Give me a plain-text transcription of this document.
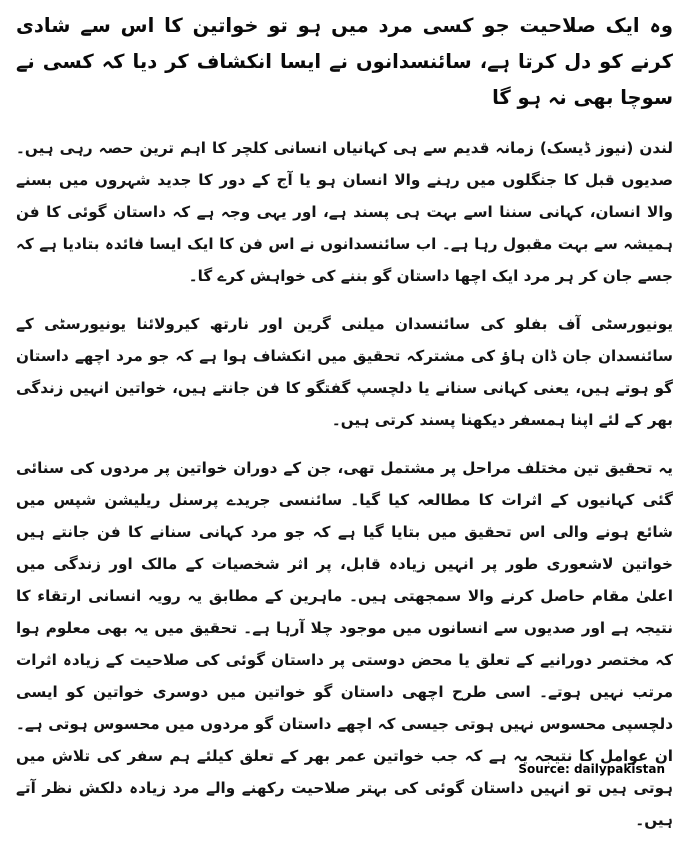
وہ ایک صلاحیت جو کسی مرد میں ہو تو خواتین کا اس سے شادی کرنے کو دل کرتا ہے، سائنسدانوں نے ایسا انکشاف کر دیا کہ کسی نے سوچا بھی نہ ہو گا

لندن (نیوز ڈیسک) زمانہ قدیم سے ہی کہانیاں انسانی کلچر کا اہم ترین حصہ رہی ہیں۔ صدیوں قبل کا جنگلوں میں رہنے والا انسان ہو یا آج کے دور کا جدید شہروں میں بسنے والا انسان، کہانی سننا اسے بہت ہی پسند ہے، اور یہی وجہ ہے کہ داستان گوئی کا فن ہمیشہ سے بہت مقبول رہا ہے۔ اب سائنسدانوں نے اس فن کا ایک ایسا فائدہ بتادیا ہے کہ جسے جان کر ہر مرد ایک اچھا داستان گو بننے کی خواہش کرے گا۔

یونیورسٹی آف بفلو کی سائنسدان میلنی گرین اور نارتھ کیرولائنا یونیورسٹی کے سائنسدان جان ڈان ہاؤ کی مشترکہ تحقیق میں انکشاف ہوا ہے کہ جو مرد اچھے داستان گو ہوتے ہیں، یعنی کہانی سنانے یا دلچسپ گفتگو کا فن جانتے ہیں، خواتین انہیں زندگی بھر کے لئے اپنا ہمسفر دیکھنا پسند کرتی ہیں۔

یہ تحقیق تین مختلف مراحل پر مشتمل تھی، جن کے دوران خواتین پر مردوں کی سنائی گئی کہانیوں کے اثرات کا مطالعہ کیا گیا۔ سائنسی جریدے پرسنل ریلیشن شپس میں شائع ہونے والی اس تحقیق میں بتایا گیا ہے کہ جو مرد کہانی سنانے کا فن جانتے ہیں خواتین لاشعوری طور پر انہیں زیادہ قابل، پر اثر شخصیات کے مالک اور زندگی میں اعلیٰ مقام حاصل کرنے والا سمجھتی ہیں۔ ماہرین کے مطابق یہ رویہ انسانی ارتقاء کا نتیجہ ہے اور صدیوں سے انسانوں میں موجود چلا آرہا ہے۔ تحقیق میں یہ بھی معلوم ہوا کہ مختصر دورانیے کے تعلق یا محض دوستی پر داستان گوئی کی صلاحیت کے زیادہ اثرات مرتب نہیں ہوتے۔ اسی طرح اچھی داستان گو خواتین میں دوسری خواتین کو ایسی دلچسپی محسوس نہیں ہوتی جیسی کہ اچھے داستان گو مردوں میں محسوس ہوتی ہے۔ ان عوامل کا نتیجہ یہ ہے کہ جب خواتین عمر بھر کے تعلق کیلئے ہم سفر کی تلاش میں ہوتی ہیں تو انہیں داستان گوئی کی بہتر صلاحیت رکھنے والے مرد زیادہ دلکش نظر آتے ہیں۔

Source: dailypakistan
